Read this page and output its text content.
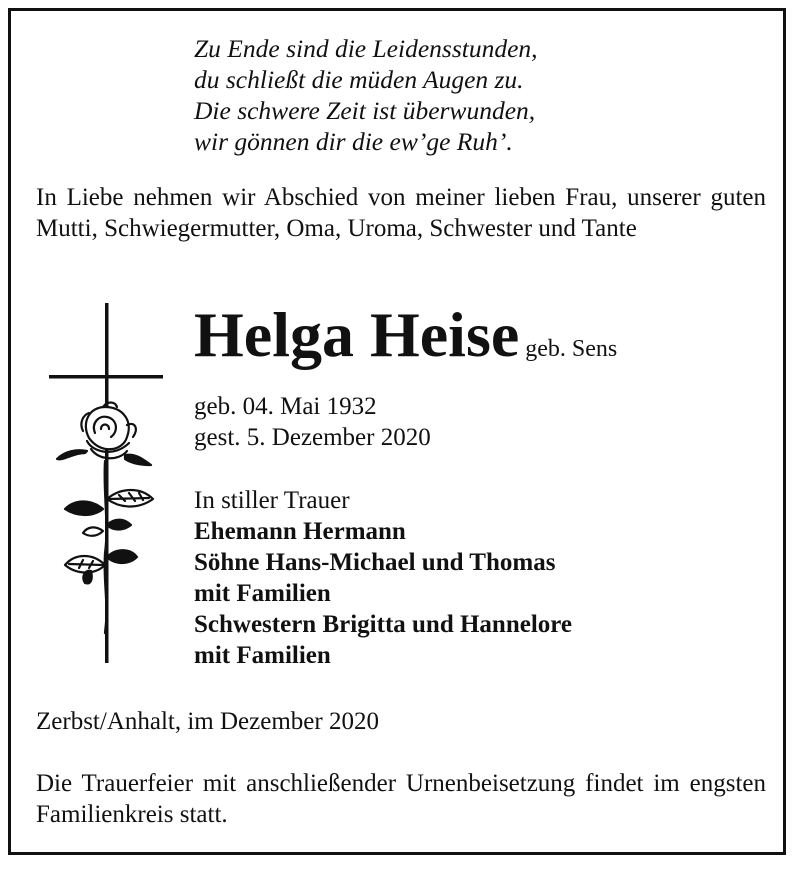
Zu Ende sind die Leidensstunden,
du schließt die müden Augen zu.
Die schwere Zeit ist überwunden,
wir gönnen dir die ew’ge Ruh’.

In Liebe nehmen wir Abschied von meiner lieben Frau, unserer guten Mutti, Schwiegermutter, Oma, Uroma, Schwester und Tante

Helga Heise geb. Sens
geb. 04. Mai 1932
gest. 5. Dezember 2020
In stiller Trauer
Ehemann Hermann
Söhne Hans-Michael und Thomas
mit Familien
Schwestern Brigitta und Hannelore
mit Familien
Zerbst/Anhalt, im Dezember 2020

Die Trauerfeier mit anschließender Urnenbeisetzung findet im engsten Familienkreis statt.
